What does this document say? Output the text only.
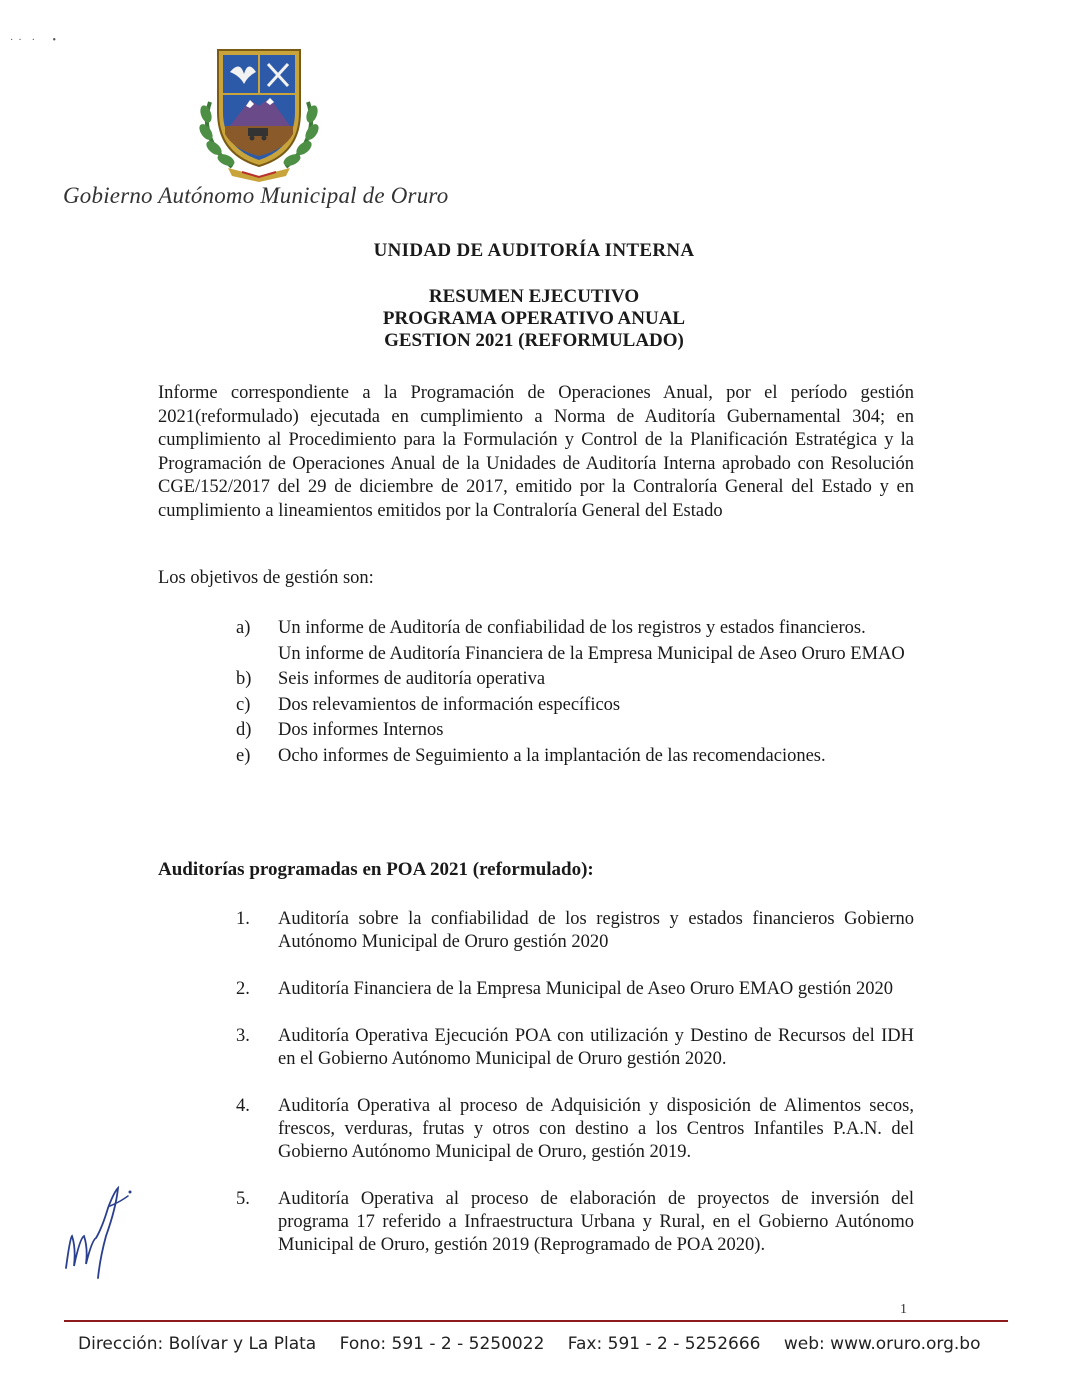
·  ·    ·       •
Gobierno Autónomo Municipal de Oruro
UNIDAD DE AUDITORÍA INTERNA
RESUMEN EJECUTIVO
PROGRAMA OPERATIVO ANUAL
GESTION 2021 (REFORMULADO)

Informe correspondiente a la Programación de Operaciones Anual, por el período gestión 2021(reformulado) ejecutada en cumplimiento a Norma de Auditoría Gubernamental 304; en cumplimiento al Procedimiento para la Formulación y Control de la Planificación Estratégica y la Programación de Operaciones Anual de la Unidades de Auditoría Interna aprobado con Resolución CGE/152/2017 del 29 de diciembre de 2017, emitido por la Contraloría General del Estado y en cumplimiento a lineamientos emitidos por la Contraloría General del Estado

Los objetivos de gestión son:
a)	Un informe de Auditoría de confiabilidad de los registros y estados financieros.
Un informe de Auditoría Financiera de la Empresa Municipal de Aseo Oruro EMAO
b)	Seis informes de auditoría operativa
c)	Dos relevamientos de información específicos
d)	Dos informes Internos
e)	Ocho informes de Seguimiento a la implantación de las recomendaciones.
Auditorías programadas en POA 2021 (reformulado):
1.	Auditoría sobre la confiabilidad de los registros y estados financieros Gobierno Autónomo Municipal de Oruro gestión 2020
2.	Auditoría Financiera de la Empresa Municipal de Aseo Oruro EMAO gestión 2020
3.	Auditoría Operativa Ejecución POA con utilización y Destino de Recursos del IDH en el Gobierno Autónomo Municipal de Oruro gestión 2020.
4.	Auditoría Operativa al proceso de Adquisición y disposición de Alimentos secos, frescos, verduras, frutas y otros con destino a los Centros Infantiles P.A.N. del Gobierno Autónomo Municipal de Oruro, gestión 2019.
5.	Auditoría Operativa al proceso de elaboración de proyectos de inversión del programa 17 referido a Infraestructura Urbana y Rural, en el Gobierno Autónomo Municipal de Oruro, gestión 2019 (Reprogramado de POA 2020).
1
Dirección: Bolívar y La Plata Fono: 591 - 2 - 5250022 Fax: 591 - 2 - 5252666 web: www.oruro.org.bo
